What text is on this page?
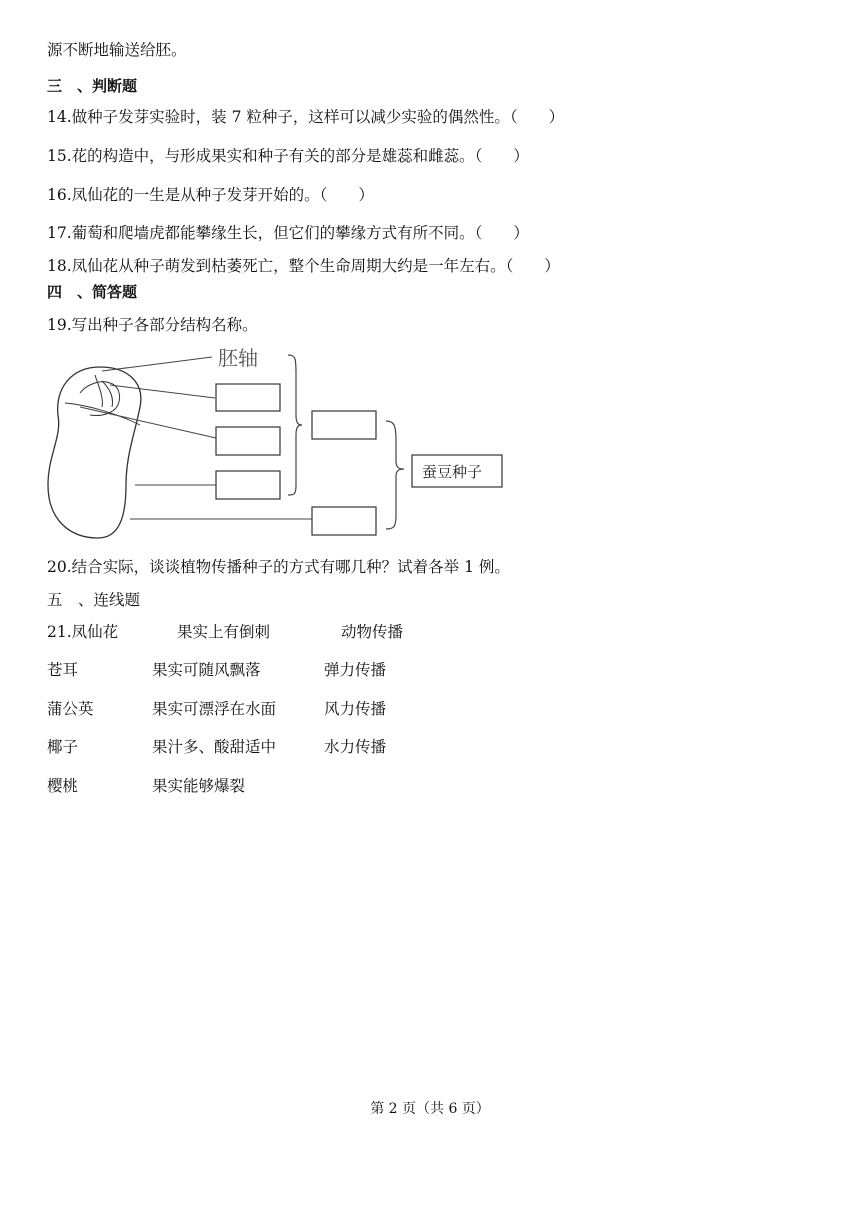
源不断地输送给胚。
三　、判断题
14.做种子发芽实验时，装 7 粒种子，这样可以减少实验的偶然性。（　　）
15.花的构造中，与形成果实和种子有关的部分是雄蕊和雌蕊。（　　）
16.凤仙花的一生是从种子发芽开始的。（　　）
17.葡萄和爬墙虎都能攀缘生长，但它们的攀缘方式有所不同。（　　）
18.凤仙花从种子萌发到枯萎死亡，整个生命周期大约是一年左右。（　　）
四　、简答题
19.写出种子各部分结构名称。
胚轴
蚕豆种子
20.结合实际，谈谈植物传播种子的方式有哪几种？试着各举 1 例。
五　、连线题
21.凤仙花	果实上有倒刺	动物传播
苍耳	果实可随风飘落	弹力传播
蒲公英	果实可漂浮在水面	风力传播
椰子	果汁多、酸甜适中	水力传播
樱桃	果实能够爆裂
第 2 页（共 6 页）
